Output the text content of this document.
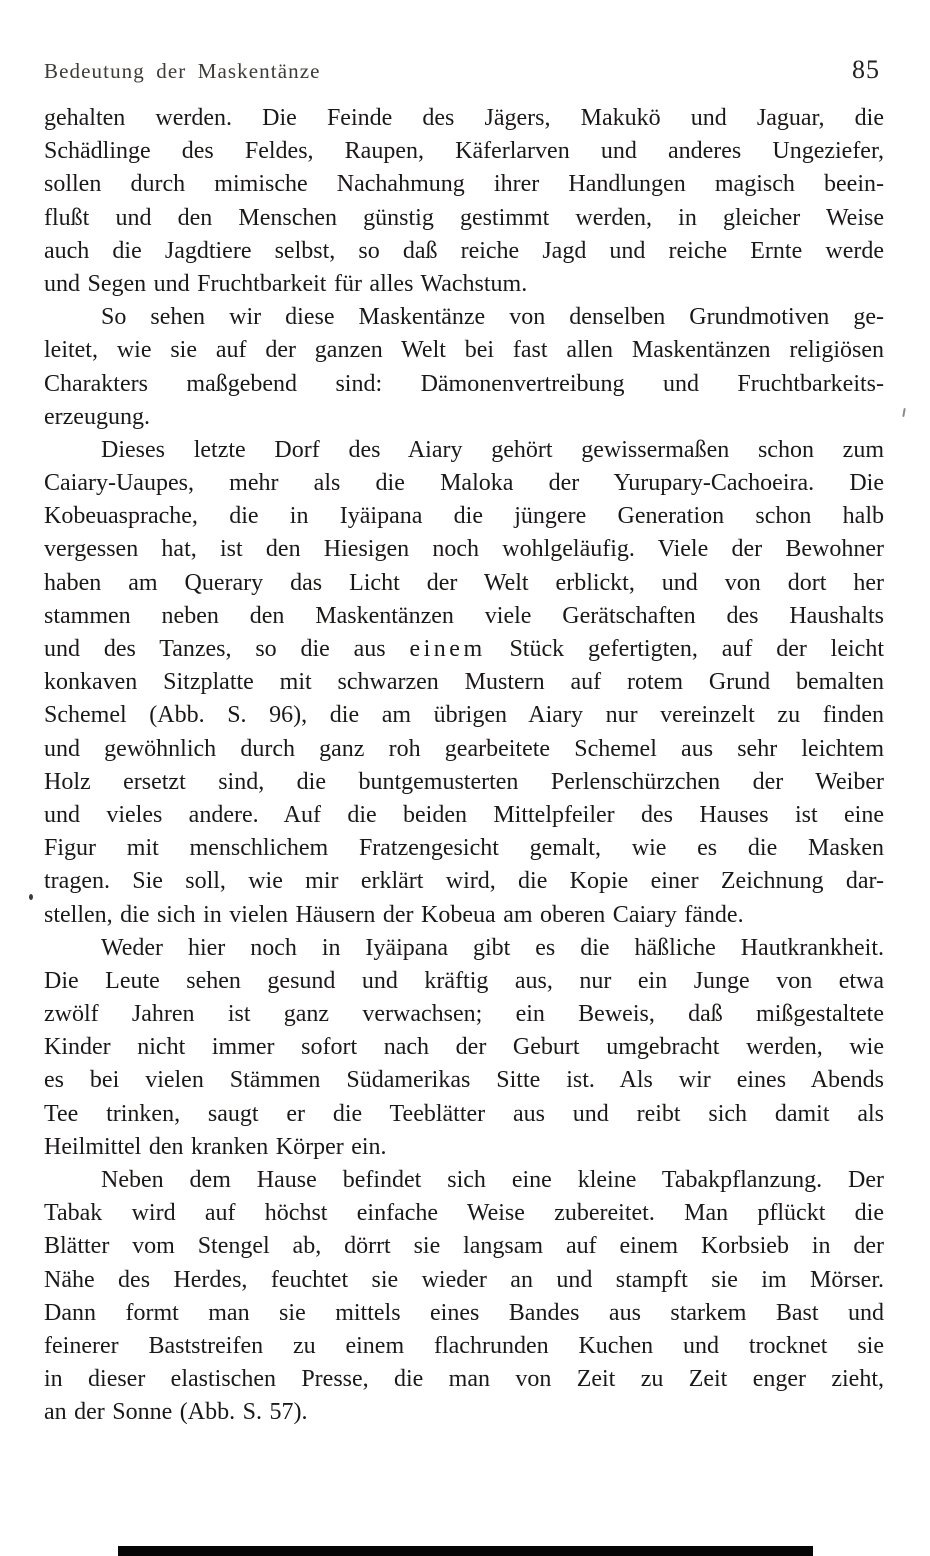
Bedeutung der Maskentänze	85
gehalten werden. Die Feinde des Jägers, Makukö und Jaguar, die
Schädlinge des Feldes, Raupen, Käferlarven und anderes Ungeziefer,
sollen durch mimische Nachahmung ihrer Handlungen magisch beein-
flußt und den Menschen günstig gestimmt werden, in gleicher Weise
auch die Jagdtiere selbst, so daß reiche Jagd und reiche Ernte werde
und Segen und Fruchtbarkeit für alles Wachstum.
So sehen wir diese Maskentänze von denselben Grundmotiven ge-
leitet, wie sie auf der ganzen Welt bei fast allen Maskentänzen religiösen
Charakters maßgebend sind: Dämonenvertreibung und Fruchtbarkeits-
erzeugung.
Dieses letzte Dorf des Aiary gehört gewissermaßen schon zum
Caiary-Uaupes, mehr als die Maloka der Yurupary-Cachoeira. Die
Kobeuasprache, die in Iyäipana die jüngere Generation schon halb
vergessen hat, ist den Hiesigen noch wohlgeläufig. Viele der Bewohner
haben am Querary das Licht der Welt erblickt, und von dort her
stammen neben den Maskentänzen viele Gerätschaften des Haushalts
und des Tanzes, so die aus einem Stück gefertigten, auf der leicht
konkaven Sitzplatte mit schwarzen Mustern auf rotem Grund bemalten
Schemel (Abb. S. 96), die am übrigen Aiary nur vereinzelt zu finden
und gewöhnlich durch ganz roh gearbeitete Schemel aus sehr leichtem
Holz ersetzt sind, die buntgemusterten Perlenschürzchen der Weiber
und vieles andere. Auf die beiden Mittelpfeiler des Hauses ist eine
Figur mit menschlichem Fratzengesicht gemalt, wie es die Masken
tragen. Sie soll, wie mir erklärt wird, die Kopie einer Zeichnung dar-
stellen, die sich in vielen Häusern der Kobeua am oberen Caiary fände.
Weder hier noch in Iyäipana gibt es die häßliche Hautkrankheit.
Die Leute sehen gesund und kräftig aus, nur ein Junge von etwa
zwölf Jahren ist ganz verwachsen; ein Beweis, daß mißgestaltete
Kinder nicht immer sofort nach der Geburt umgebracht werden, wie
es bei vielen Stämmen Südamerikas Sitte ist. Als wir eines Abends
Tee trinken, saugt er die Teeblätter aus und reibt sich damit als
Heilmittel den kranken Körper ein.
Neben dem Hause befindet sich eine kleine Tabakpflanzung. Der
Tabak wird auf höchst einfache Weise zubereitet. Man pflückt die
Blätter vom Stengel ab, dörrt sie langsam auf einem Korbsieb in der
Nähe des Herdes, feuchtet sie wieder an und stampft sie im Mörser.
Dann formt man sie mittels eines Bandes aus starkem Bast und
feinerer Baststreifen zu einem flachrunden Kuchen und trocknet sie
in dieser elastischen Presse, die man von Zeit zu Zeit enger zieht,
an der Sonne (Abb. S. 57).
